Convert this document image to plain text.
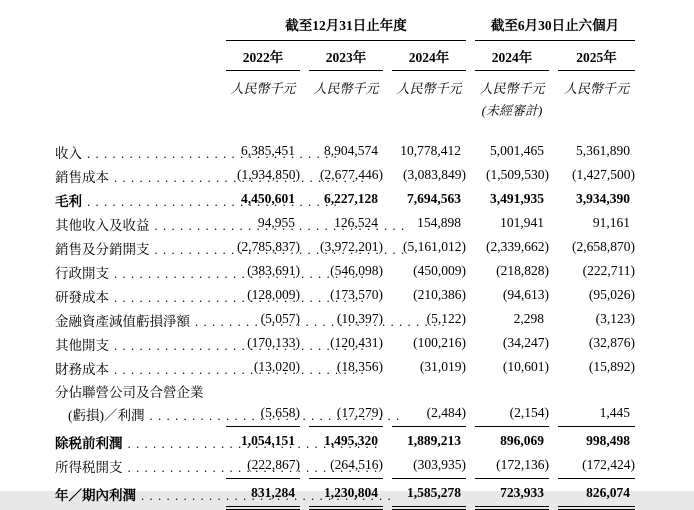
截至12月31日止年度	截至6月30日止六個月
2022年	2023年	2024年	2024年	2025年
人民幣千元	人民幣千元	人民幣千元	人民幣千元	人民幣千元
(未經審計)
收入 . . .	6,385,451	8,904,574	10,778,412	5,001,465	5,361,890
銷售成本 . . .	(1,934,850)	(2,677,446)	(3,083,849)	(1,509,530)	(1,427,500)
毛利 . . .	4,450,601	6,227,128	7,694,563	3,491,935	3,934,390
其他收入及收益 . . .	94,955	126,524	154,898	101,941	91,161
銷售及分銷開支 . . .	(2,785,837)	(3,972,201)	(5,161,012)	(2,339,662)	(2,658,870)
行政開支 . . .	(383,691)	(546,098)	(450,009)	(218,828)	(222,711)
研發成本 . . .	(128,009)	(173,570)	(210,386)	(94,613)	(95,026)
金融資產減值虧損淨額 . . .	(5,057)	(10,397)	(5,122)	2,298	(3,123)
其他開支 . . .	(170,133)	(120,431)	(100,216)	(34,247)	(32,876)
財務成本 . . .	(13,020)	(18,356)	(31,019)	(10,601)	(15,892)
分佔聯營公司及合營企業
(虧損)／利潤 . . .	(5,658)	(17,279)	(2,484)	(2,154)	1,445
除税前利潤 . . .	1,054,151	1,495,320	1,889,213	896,069	998,498
所得税開支 . . .	(222,867)	(264,516)	(303,935)	(172,136)	(172,424)
年／期內利潤 . . .	831,284	1,230,804	1,585,278	723,933	826,074
